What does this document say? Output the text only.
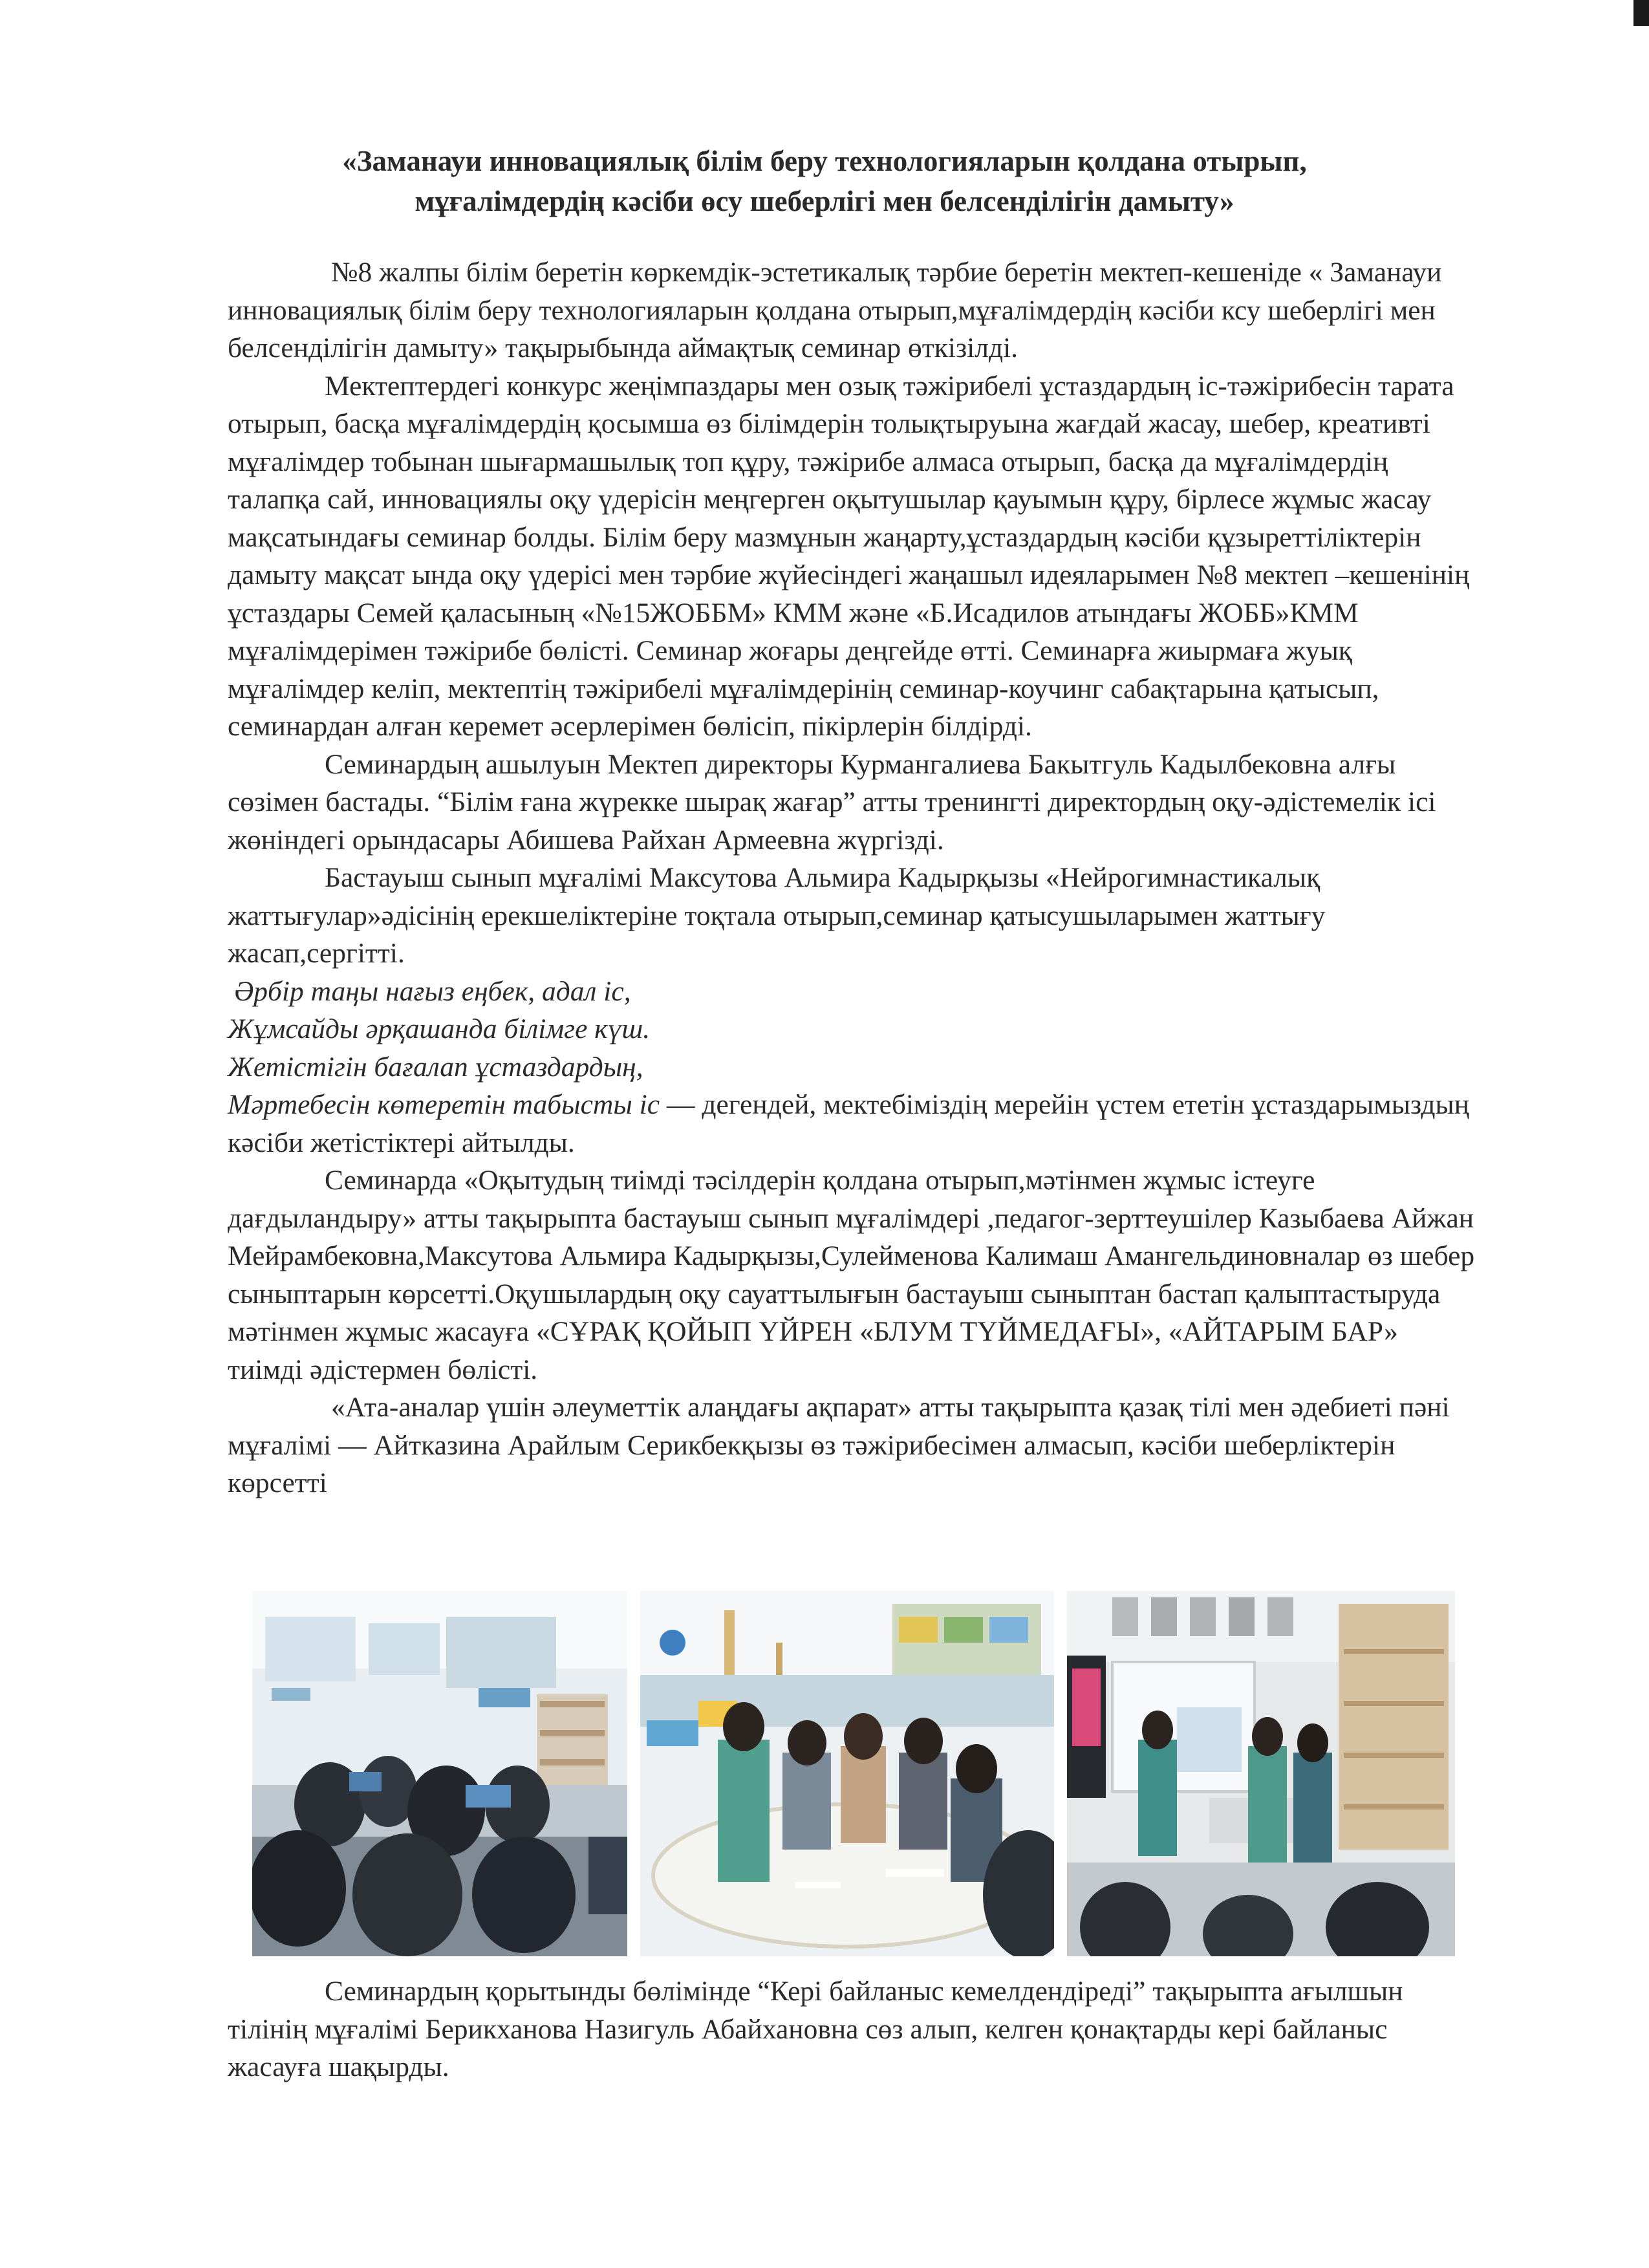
«Заманауи инновациялық білім беру технологияларын қолдана отырып,
мұғалімдердің кәсіби өсу шеберлігі мен белсенділігін дамыту»

№8 жалпы білім беретін көркемдік-эстетикалық тәрбие беретін мектеп-кешеніде « Заманауи инновациялық білім беру технологияларын қолдана отырып,мұғалімдердің кәсіби ксу шеберлігі мен белсенділігін дамыту» тақырыбында аймақтық семинар өткізілді.

Мектептердегі конкурс жеңімпаздары мен озық тәжірибелі ұстаздардың іс-тәжірибесін тарата отырып, басқа мұғалімдердің қосымша өз білімдерін толықтыруына жағдай жасау, шебер, креативті мұғалімдер тобынан шығармашылық топ құру, тәжірибе алмаса отырып, басқа да мұғалімдердің талапқа сай, инновациялы оқу үдерісін меңгерген оқытушылар қауымын құру, бірлесе жұмыс жасау мақсатындағы семинар болды. Білім беру мазмұнын жаңарту,ұстаздардың кәсіби құзыреттіліктерін дамыту мақсат ында оқу үдерісі мен тәрбие жүйесіндегі жаңашыл идеяларымен №8 мектеп –кешенінің ұстаздары Семей қаласының «№15ЖОББМ» КММ және «Б.Исадилов атындағы ЖОББ»КММ мұғалімдерімен тәжірибе бөлісті. Семинар жоғары деңгейде өтті. Семинарға жиырмаға жуық мұғалімдер келіп, мектептің тәжірибелі мұғалімдерінің семинар-коучинг сабақтарына қатысып, семинардан алған керемет әсерлерімен бөлісіп, пікірлерін білдірді.

Семинардың ашылуын Мектеп директоры Курмангалиева Бакытгуль Кадылбековна алғы сөзімен бастады. “Білім ғана жүрекке шырақ жағар” атты тренингті директордың оқу-әдістемелік ісі жөніндегі орындасары Абишева Райхан Армеевна жүргізді.

Бастауыш сынып мұғалімі Максутова Альмира Кадырқызы «Нейрогимнастикалық жаттығулар»әдісінің ерекшеліктеріне тоқтала отырып,семинар қатысушыларымен жаттығу жасап,сергітті.

Әрбір таңы нағыз еңбек, адал іс,
Жұмсайды әрқашанда білімге күш.
Жетістігін бағалап ұстаздардың,
Мәртебесін көтеретін табысты іс — дегендей, мектебіміздің мерейін үстем ететін ұстаздарымыздың кәсіби жетістіктері айтылды.

Семинарда «Оқытудың тиімді тәсілдерін қолдана отырып,мәтінмен жұмыс істеуге дағдыландыру» атты тақырыпта бастауыш сынып мұғалімдері ,педагог-зерттеушілер Казыбаева Айжан Мейрамбековна,Максутова Альмира Кадырқызы,Сулейменова Калимаш Амангельдиновналар өз шебер сыныптарын көрсетті.Оқушылардың оқу сауаттылығын бастауыш сыныптан бастап қалыптастыруда мәтінмен жұмыс жасауға «СҰРАҚ ҚОЙЫП ҮЙРЕН «БЛУМ ТҮЙМЕДАҒЫ», «АЙТАРЫМ БАР» тиімді әдістермен бөлісті.

«Ата-аналар үшін әлеуметтік алаңдағы ақпарат» атты тақырыпта қазақ тілі мен әдебиеті пәні мұғалімі — Айтказина Арайлым Серикбекқызы өз тәжірибесімен алмасып, кәсіби шеберліктерін көрсетті

Семинардың қорытынды бөлімінде “Кері байланыс кемелдендіреді” тақырыпта ағылшын тілінің мұғалімі Берикханова Назигуль Абайхановна сөз алып, келген қонақтарды кері байланыс жасауға шақырды.
